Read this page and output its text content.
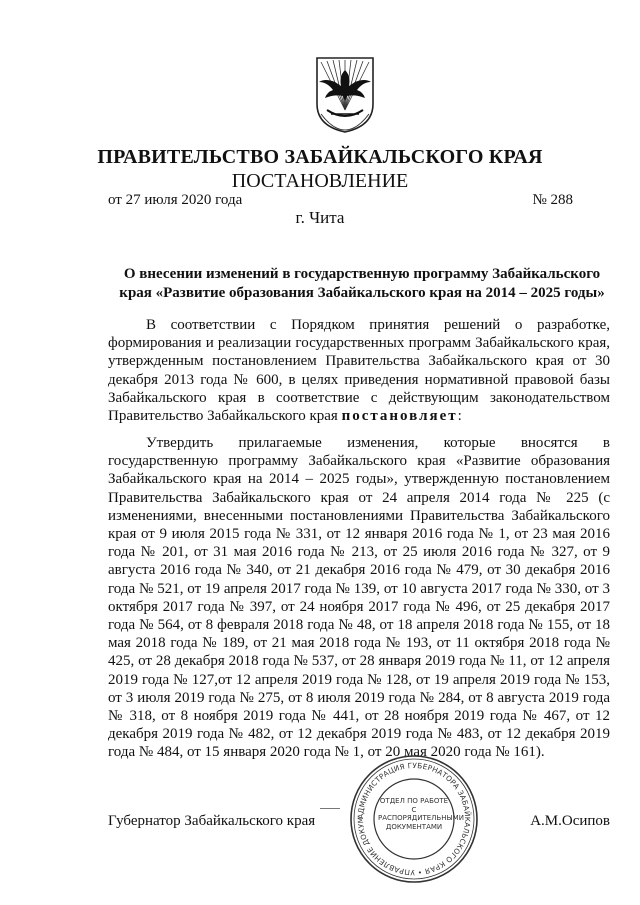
ПРАВИТЕЛЬСТВО ЗАБАЙКАЛЬСКОГО КРАЯ
ПОСТАНОВЛЕНИЕ
от 27 июля 2020 года	№ 288
г. Чита
О внесении изменений в государственную программу Забайкальского края «Развитие образования Забайкальского края на 2014 – 2025 годы»
В соответствии с Порядком принятия решений о разработке, формирования и реализации государственных программ Забайкальского края, утвержденным постановлением Правительства Забайкальского края от 30 декабря 2013 года № 600, в целях приведения нормативной правовой базы Забайкальского края в соответствие с действующим законодательством Правительство Забайкальского края постановляет:
Утвердить прилагаемые изменения, которые вносятся в государственную программу Забайкальского края «Развитие образования Забайкальского края на 2014 – 2025 годы», утвержденную постановлением Правительства Забайкальского края от 24 апреля 2014 года № 225 (с изменениями, внесенными постановлениями Правительства Забайкальского края от 9 июля 2015 года № 331, от 12 января 2016 года № 1, от 23 мая 2016 года № 201, от 31 мая 2016 года № 213, от 25 июля 2016 года № 327, от 9 августа 2016 года № 340, от 21 декабря 2016 года № 479, от 30 декабря 2016 года № 521, от 19 апреля 2017 года № 139, от 10 августа 2017 года № 330, от 3 октября 2017 года № 397, от 24 ноября 2017 года № 496, от 25 декабря 2017 года № 564, от 8 февраля 2018 года № 48, от 18 апреля 2018 года № 155, от 18 мая 2018 года № 189, от 21 мая 2018 года № 193, от 11 октября 2018 года № 425, от 28 декабря 2018 года № 537, от 28 января 2019 года № 11, от 12 апреля 2019 года № 127,от 12 апреля 2019 года № 128, от 19 апреля 2019 года № 153, от 3 июля 2019 года № 275, от 8 июля 2019 года № 284, от 8 августа 2019 года № 318, от 8 ноября 2019 года № 441, от 28 ноября 2019 года № 467, от 12 декабря 2019 года № 482, от 12 декабря 2019 года № 483, от 12 декабря 2019 года № 484, от 15 января 2020 года № 1, от 20 мая 2020 года № 161).
Губернатор Забайкальского края	АДМИНИСТРАЦИЯ ГУБЕРНАТОРА ЗАБАЙКАЛЬСКОГО КРАЯ • УПРАВЛЕНИЕ ДОКУМ
ОТДЕЛ ПО РАБОТЕ С РАСПОРЯДИТЕЛЬНЫМИ ДОКУМЕНТАМИ	А.М.Осипов
